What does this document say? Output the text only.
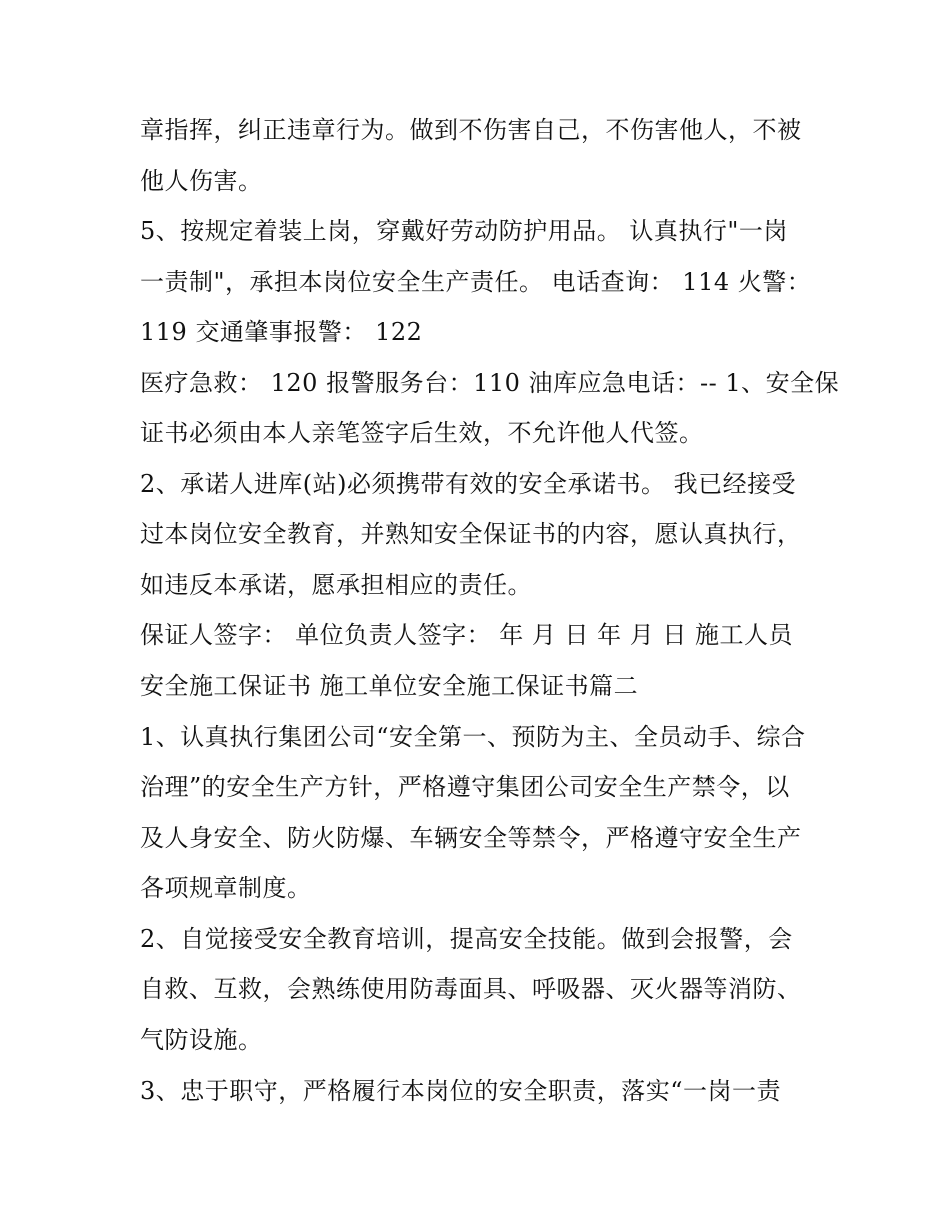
章指挥，纠正违章行为。做到不伤害自己，不伤害他人，不被
他人伤害。
5、按规定着装上岗，穿戴好劳动防护用品。 认真执行"一岗
一责制"，承担本岗位安全生产责任。 电话查询： 114 火警：
119 交通肇事报警： 122
医疗急救： 120 报警服务台：110 油库应急电话：-- 1、安全保
证书必须由本人亲笔签字后生效，不允许他人代签。
2、承诺人进库(站)必须携带有效的安全承诺书。 我已经接受
过本岗位安全教育，并熟知安全保证书的内容，愿认真执行，
如违反本承诺，愿承担相应的责任。
保证人签字： 单位负责人签字： 年 月 日 年 月 日 施工人员
安全施工保证书 施工单位安全施工保证书篇二
1、认真执行集团公司“安全第一、预防为主、全员动手、综合
治理”的安全生产方针，严格遵守集团公司安全生产禁令，以
及人身安全、防火防爆、车辆安全等禁令，严格遵守安全生产
各项规章制度。
2、自觉接受安全教育培训，提高安全技能。做到会报警，会
自救、互救，会熟练使用防毒面具、呼吸器、灭火器等消防、
气防设施。
3、忠于职守，严格履行本岗位的安全职责，落实“一岗一责
